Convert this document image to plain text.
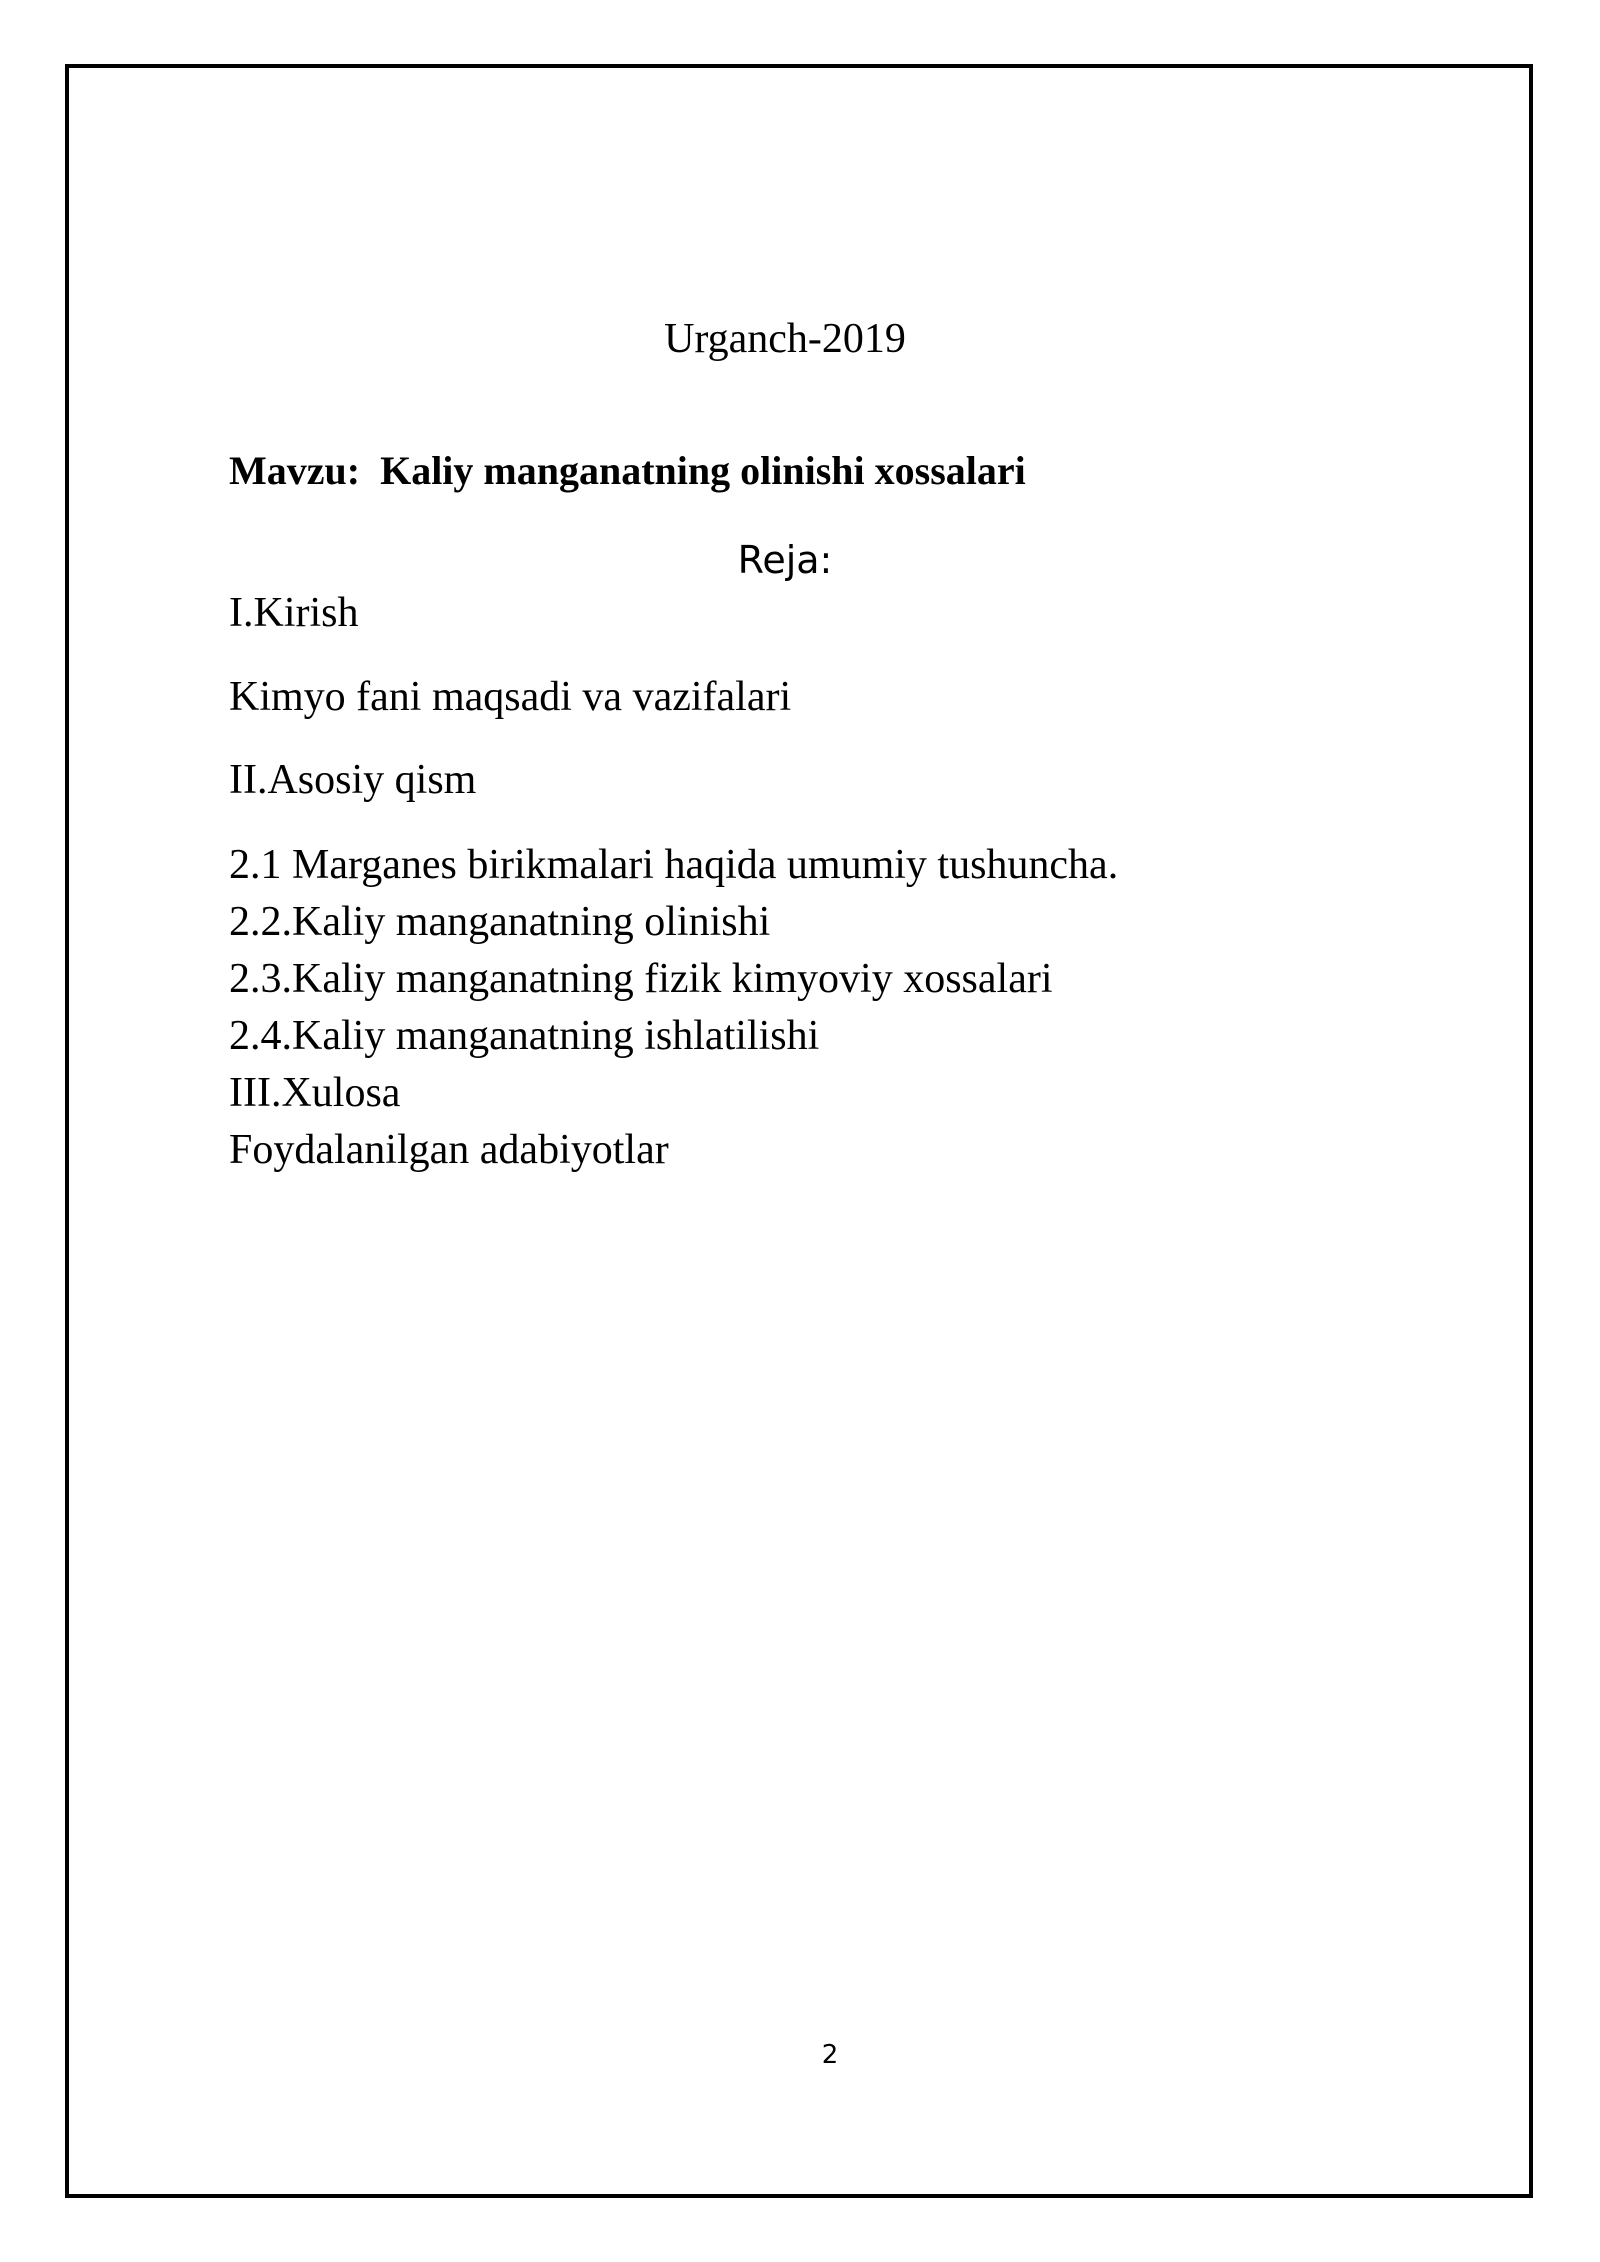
Urganch-2019
Mavzu: Kaliy manganatning olinishi xossalari
Reja:
I.Kirish
Kimyo fani maqsadi va vazifalari
II.Asosiy qism
2.1 Marganes birikmalari haqida umumiy tushuncha.
2.2.Kaliy manganatning olinishi
2.3.Kaliy manganatning fizik kimyoviy xossalari
2.4.Kaliy manganatning ishlatilishi
III.Xulosa
Foydalanilgan adabiyotlar
2
